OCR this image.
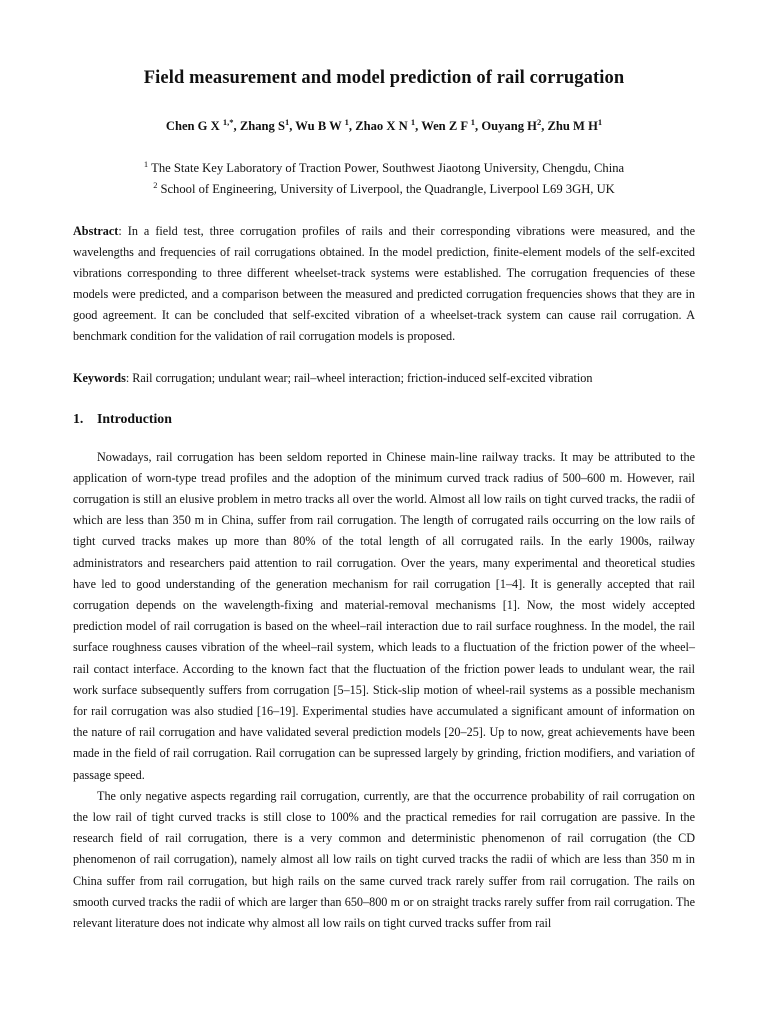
Field measurement and model prediction of rail corrugation
Chen G X $^{1,*}$, Zhang $S^1$, Wu B W $^1$, Zhao X N $^1$, Wen Z F $^1$, Ouyang $H^2$, Zhu M $H^1$
$^1$ The State Key Laboratory of Traction Power, Southwest Jiaotong University, Chengdu, China
$^2$ School of Engineering, University of Liverpool, the Quadrangle, Liverpool L69 3GH, UK
Abstract: In a field test, three corrugation profiles of rails and their corresponding vibrations were measured, and the wavelengths and frequencies of rail corrugations obtained. In the model prediction, finite-element models of the self-excited vibrations corresponding to three different wheelset-track systems were established. The corrugation frequencies of these models were predicted, and a comparison between the measured and predicted corrugation frequencies shows that they are in good agreement. It can be concluded that self-excited vibration of a wheelset-track system can cause rail corrugation. A benchmark condition for the validation of rail corrugation models is proposed.
Keywords: Rail corrugation; undulant wear; rail–wheel interaction; friction-induced self-excited vibration
1. Introduction

Nowadays, rail corrugation has been seldom reported in Chinese main-line railway tracks. It may be attributed to the application of worn-type tread profiles and the adoption of the minimum curved track radius of 500–600 m. However, rail corrugation is still an elusive problem in metro tracks all over the world. Almost all low rails on tight curved tracks, the radii of which are less than 350 m in China, suffer from rail corrugation. The length of corrugated rails occurring on the low rails of tight curved tracks makes up more than 80% of the total length of all corrugated rails. In the early 1900s, railway administrators and researchers paid attention to rail corrugation. Over the years, many experimental and theoretical studies have led to good understanding of the generation mechanism for rail corrugation [1–4]. It is generally accepted that rail corrugation depends on the wavelength-fixing and material-removal mechanisms [1]. Now, the most widely accepted prediction model of rail corrugation is based on the wheel–rail interaction due to rail surface roughness. In the model, the rail surface roughness causes vibration of the wheel–rail system, which leads to a fluctuation of the friction power of the wheel–rail contact interface. According to the known fact that the fluctuation of the friction power leads to undulant wear, the rail work surface subsequently suffers from corrugation [5–15]. Stick-slip motion of wheel-rail systems as a possible mechanism for rail corrugation was also studied [16–19]. Experimental studies have accumulated a significant amount of information on the nature of rail corrugation and have validated several prediction models [20–25]. Up to now, great achievements have been made in the field of rail corrugation. Rail corrugation can be supressed largely by grinding, friction modifiers, and variation of passage speed.

The only negative aspects regarding rail corrugation, currently, are that the occurrence probability of rail corrugation on the low rail of tight curved tracks is still close to 100% and the practical remedies for rail corrugation are passive. In the research field of rail corrugation, there is a very common and deterministic phenomenon of rail corrugation (the CD phenomenon of rail corrugation), namely almost all low rails on tight curved tracks the radii of which are less than 350 m in China suffer from rail corrugation, but high rails on the same curved track rarely suffer from rail corrugation. The rails on smooth curved tracks the radii of which are larger than 650–800 m or on straight tracks rarely suffer from rail corrugation. The relevant literature does not indicate why almost all low rails on tight curved tracks suffer from rail
